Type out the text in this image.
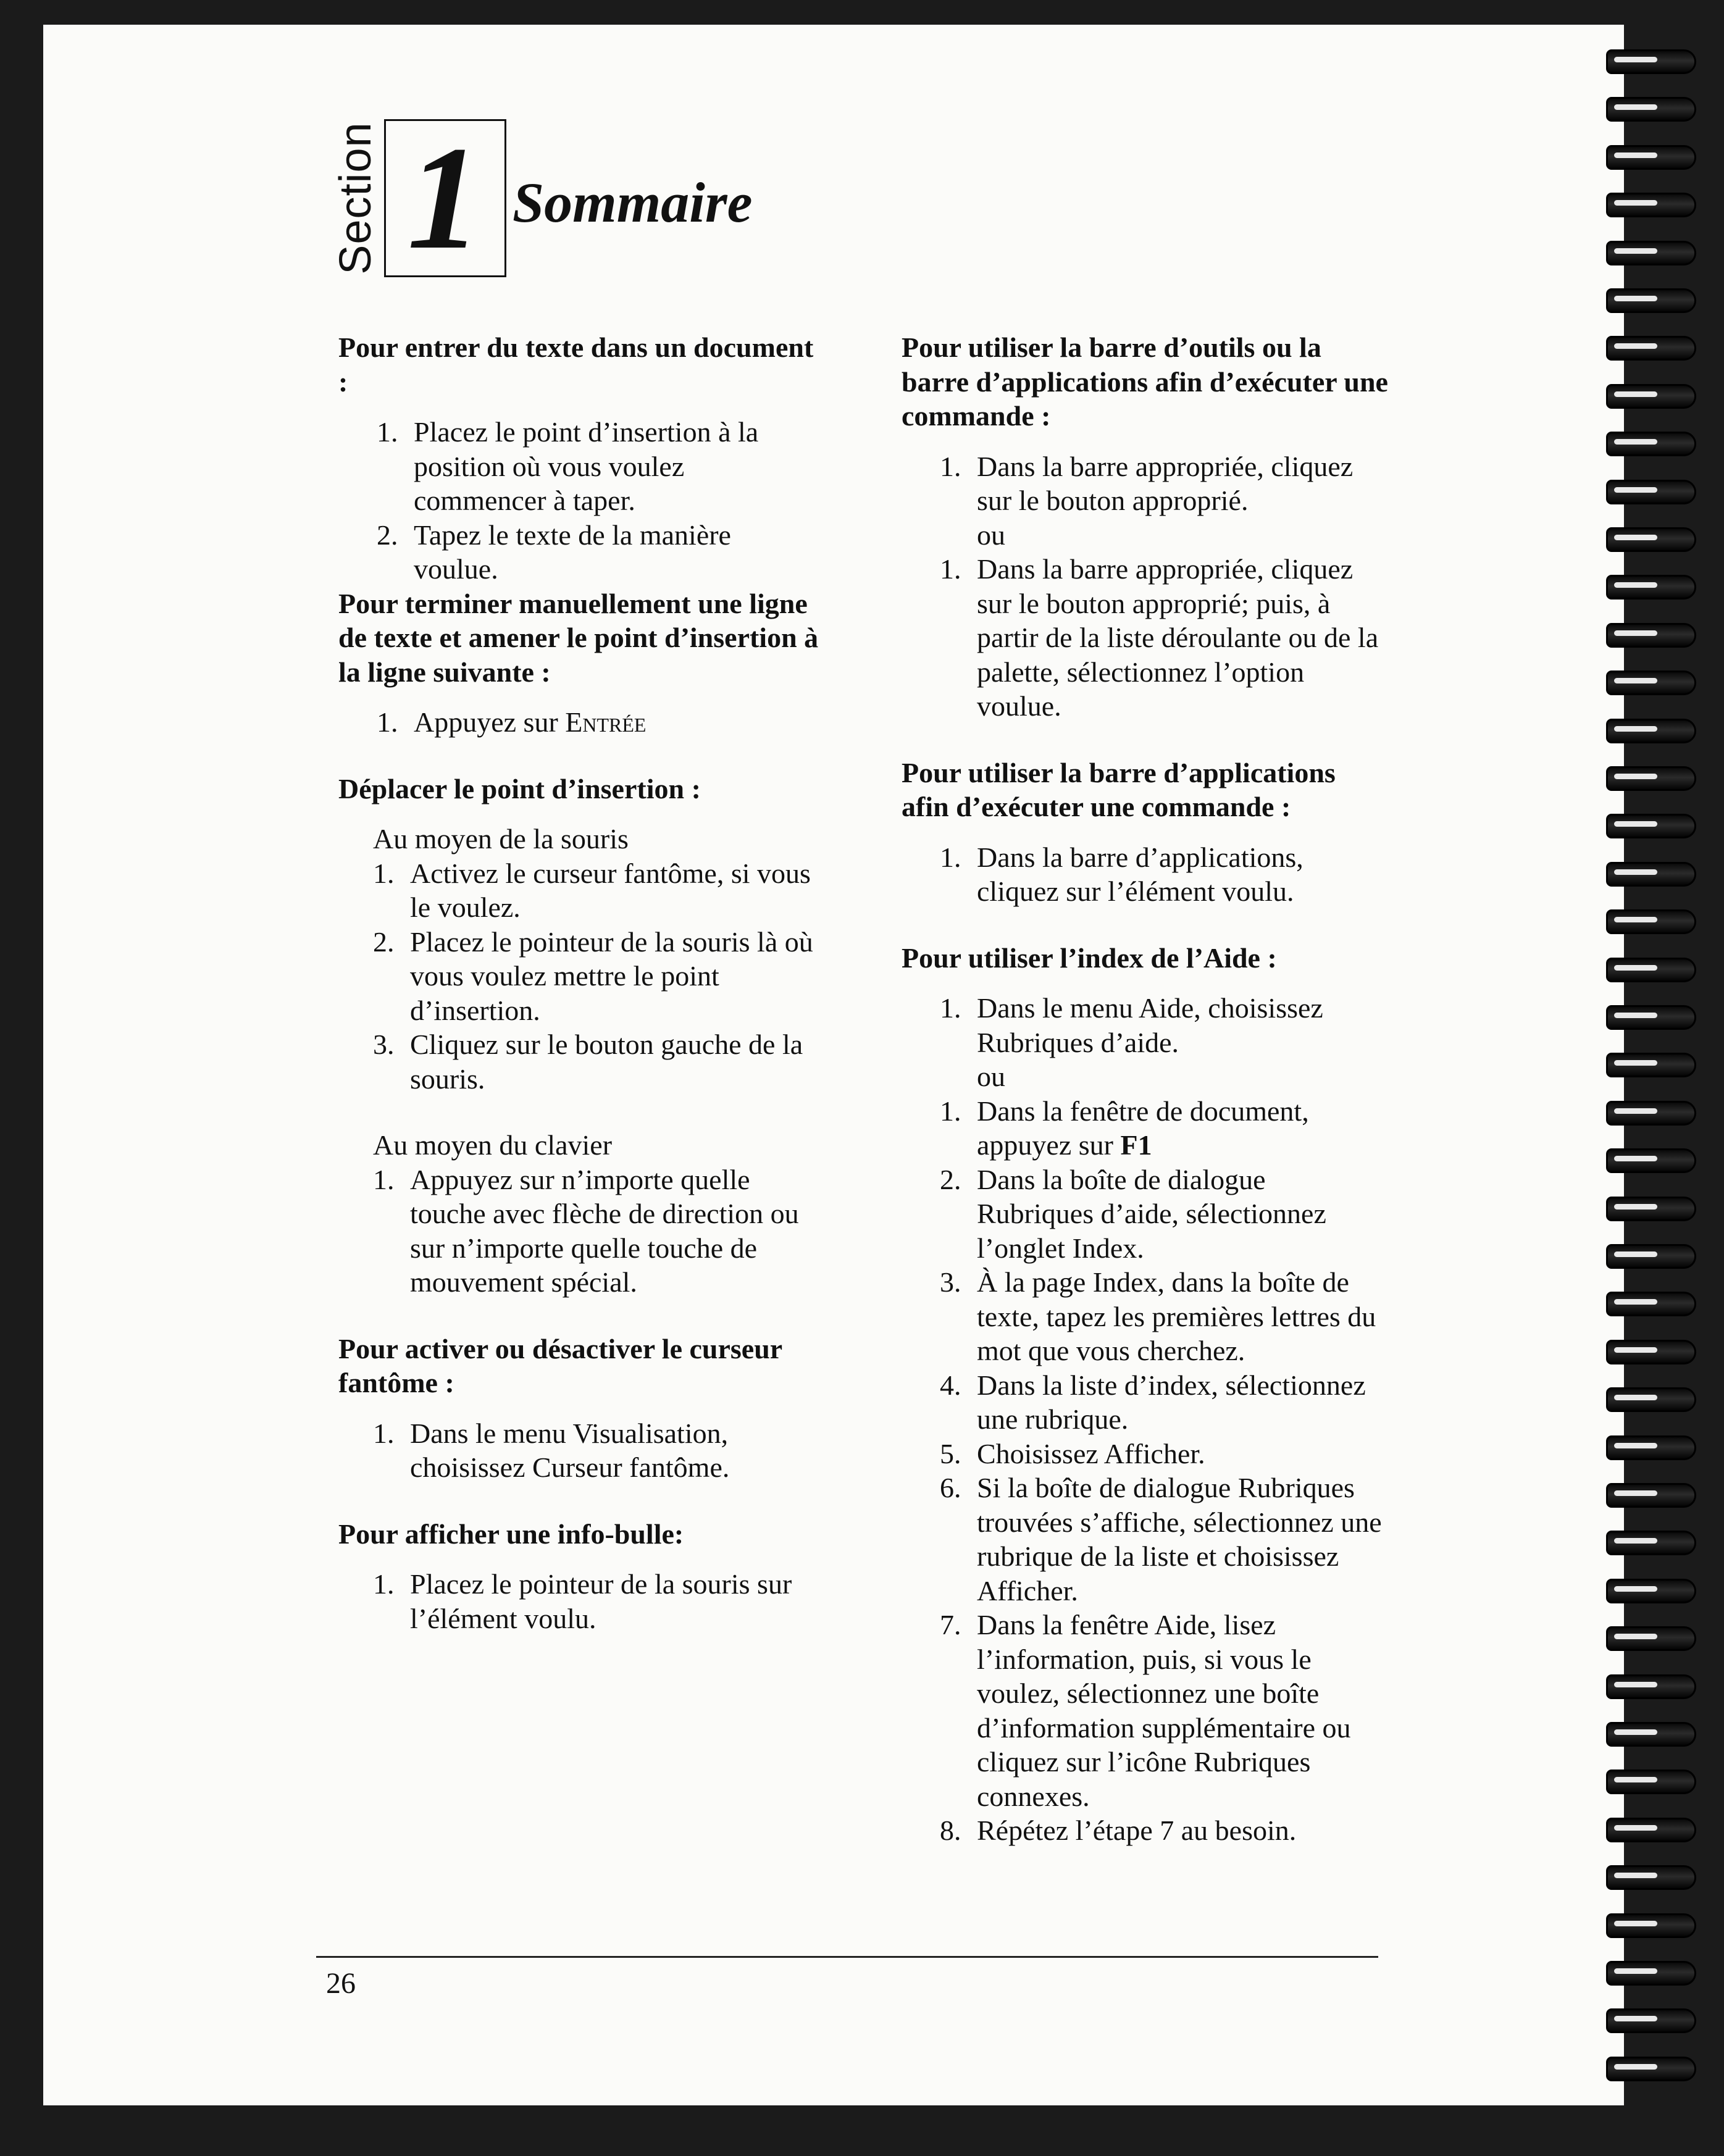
Section 1 Sommaire

Pour entrer du texte dans un document :

1. Placez le point d’insertion à la position où vous voulez commencer à taper.
2. Tapez le texte de la manière voulue.

Pour terminer manuellement une ligne de texte et amener le point d’insertion à la ligne suivante :

1. Appuyez sur Entrée

Déplacer le point d’insertion :

Au moyen de la souris
1. Activez le curseur fantôme, si vous le voulez.
2. Placez le pointeur de la souris là où vous voulez mettre le point d’insertion.
3. Cliquez sur le bouton gauche de la souris.
Au moyen du clavier
1. Appuyez sur n’importe quelle touche avec flèche de direction ou sur n’importe quelle touche de mouvement spécial.

Pour activer ou désactiver le curseur fantôme :

1. Dans le menu Visualisation, choisissez Curseur fantôme.

Pour afficher une info-bulle:

1. Placez le pointeur de la souris sur l’élément voulu.

Pour utiliser la barre d’outils ou la barre d’applications afin d’exécuter une commande :

1. Dans la barre appropriée, cliquez sur le bouton approprié.
ou
1. Dans la barre appropriée, cliquez sur le bouton approprié; puis, à partir de la liste déroulante ou de la palette, sélectionnez l’option voulue.

Pour utiliser la barre d’applications afin d’exécuter une commande :

1. Dans la barre d’applications, cliquez sur l’élément voulu.

Pour utiliser l’index de l’Aide :

1. Dans le menu Aide, choisissez Rubriques d’aide.
ou
1. Dans la fenêtre de document, appuyez sur F1
2. Dans la boîte de dialogue Rubriques d’aide, sélectionnez l’onglet Index.
3. À la page Index, dans la boîte de texte, tapez les premières lettres du mot que vous cherchez.
4. Dans la liste d’index, sélectionnez une rubrique.
5. Choisissez Afficher.
6. Si la boîte de dialogue Rubriques trouvées s’affiche, sélectionnez une rubrique de la liste et choisissez Afficher.
7. Dans la fenêtre Aide, lisez l’information, puis, si vous le voulez, sélectionnez une boîte d’information supplémentaire ou cliquez sur l’icône Rubriques connexes.
8. Répétez l’étape 7 au besoin.
26
